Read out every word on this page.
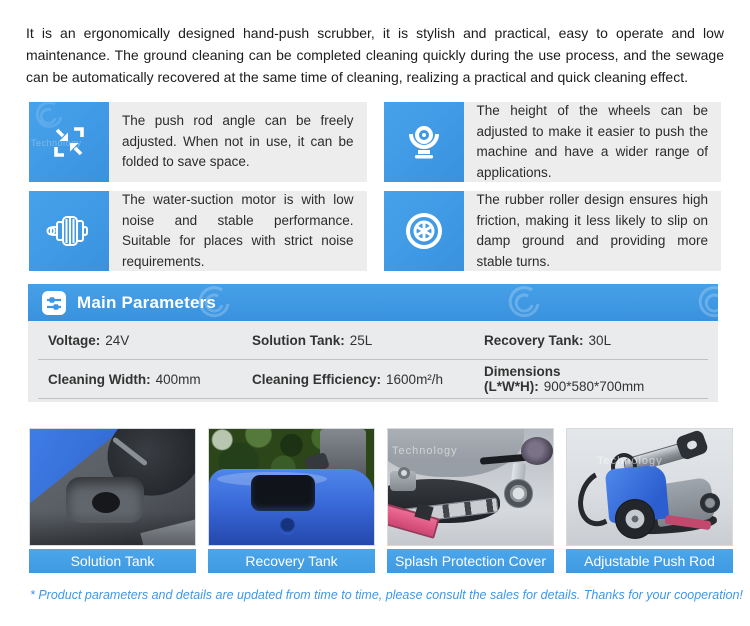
It is an ergonomically designed hand-push scrubber, it is stylish and practical, easy to operate and low maintenance. The ground cleaning can be completed cleaning quickly during the use process, and the sewage can be automatically recovered at the same time of cleaning, realizing a practical and quick cleaning effect.

Technology
The push rod angle can be freely adjusted. When not in use, it can be folded to save space.
The height of the wheels can be adjusted to make it easier to push the machine and have a wider range of applications.
The water-suction motor is with low noise and stable performance. Suitable for places with strict noise requirements.
The rubber roller design ensures high friction, making it less likely to slip on damp ground and providing more stable turns.
Main Parameters
Voltage: 24V	Solution Tank: 25L	Recovery Tank: 30L
Cleaning Width: 400mm	Cleaning Efficiency: 1600m²/h	Dimensions (L*W*H): 900*580*700mm
Solution Tank	Recovery Tank
Technology
Splash Protection Cover
Technology
Adjustable Push Rod

* Product parameters and details are updated from time to time, please consult the sales for details. Thanks for your cooperation!
